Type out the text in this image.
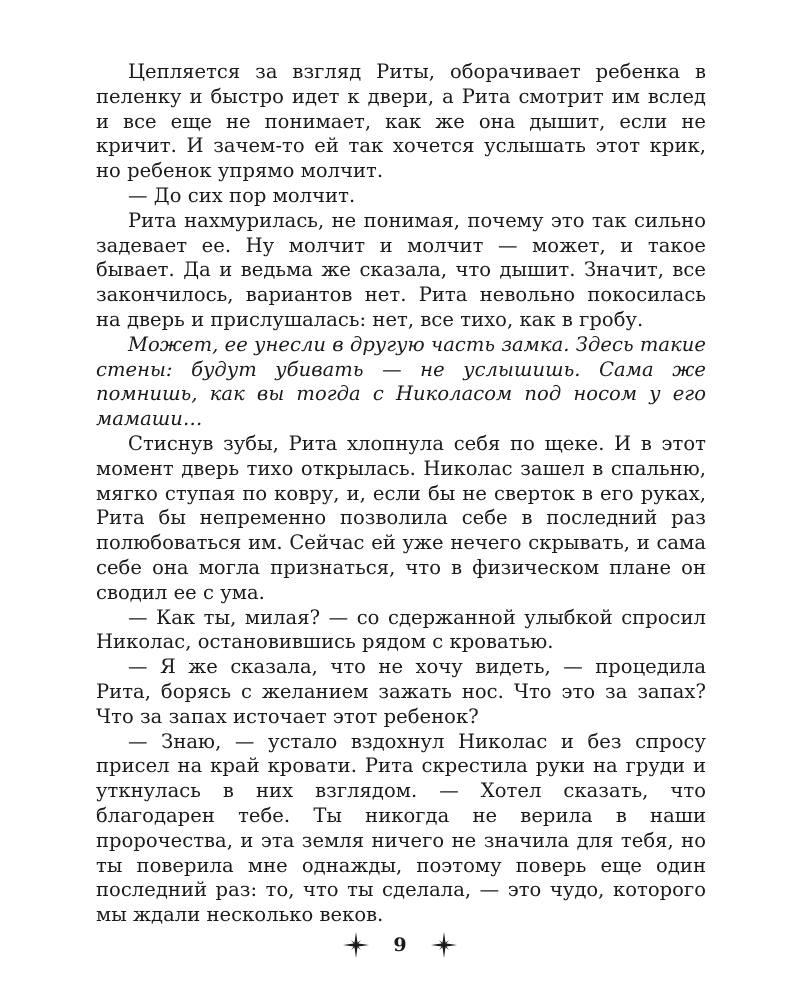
Цепляется за взгляд Риты, оборачивает ребенка в пеленку и быстро идет к двери, а Рита смотрит им вслед и все еще не понимает, как же она дышит, если не кричит. И зачем-то ей так хочется услышать этот крик, но ребенок упрямо молчит.

— До сих пор молчит.

Рита нахмурилась, не понимая, почему это так сильно задевает ее. Ну молчит и молчит — может, и такое бывает. Да и ведьма же сказала, что дышит. Значит, все закончилось, вариантов нет. Рита невольно покосилась на дверь и прислушалась: нет, все тихо, как в гробу.

Может, ее унесли в другую часть замка. Здесь такие стены: будут убивать — не услышишь. Сама же помнишь, как вы тогда с Николасом под носом у его мамаши…

Стиснув зубы, Рита хлопнула себя по щеке. И в этот момент дверь тихо открылась. Николас зашел в спальню, мягко ступая по ковру, и, если бы не сверток в его руках, Рита бы непременно позволила себе в последний раз полюбоваться им. Сейчас ей уже нечего скрывать, и сама себе она могла признаться, что в физическом плане он сводил ее с ума.

— Как ты, милая? — со сдержанной улыбкой спросил Николас, остановившись рядом с кроватью.

— Я же сказала, что не хочу видеть, — процедила Рита, борясь с желанием зажать нос. Что это за запах? Что за запах источает этот ребенок?

— Знаю, — устало вздохнул Николас и без спросу присел на край кровати. Рита скрестила руки на груди и уткнулась в них взглядом. — Хотел сказать, что благодарен тебе. Ты никогда не верила в наши пророчества, и эта земля ничего не значила для тебя, но ты поверила мне однажды, поэтому поверь еще один последний раз: то, что ты сделала, — это чудо, которого мы ждали несколько веков.

9
